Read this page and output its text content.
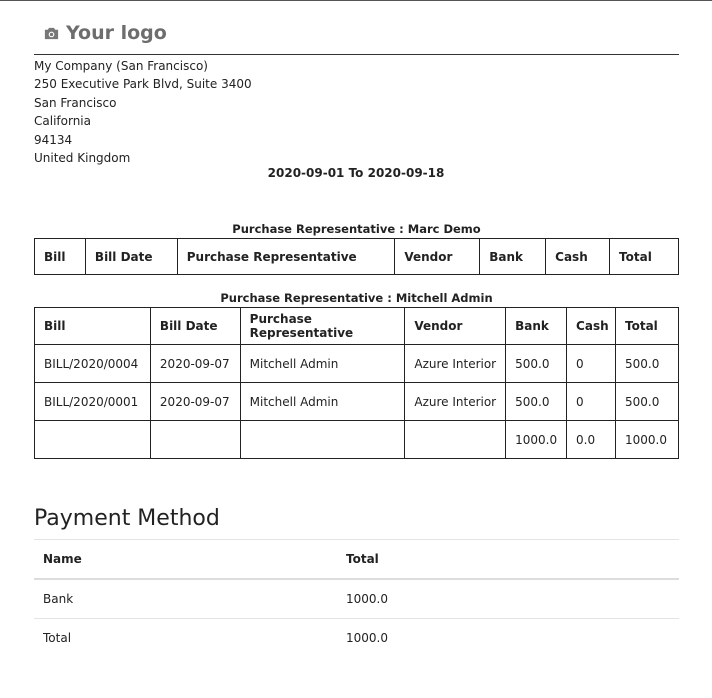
Your logo
My Company (San Francisco)
250 Executive Park Blvd, Suite 3400
San Francisco
California
94134
United Kingdom
2020-09-01 To 2020-09-18
Purchase Representative : Marc Demo
Bill	Bill Date	Purchase Representative	Vendor	Bank	Cash	Total
Purchase Representative : Mitchell Admin
Bill	Bill Date	Purchase Representative	Vendor	Bank	Cash	Total
BILL/2020/0004	2020-09-07	Mitchell Admin	Azure Interior	500.0	0	500.0
BILL/2020/0001	2020-09-07	Mitchell Admin	Azure Interior	500.0	0	500.0
				1000.0	0.0	1000.0
Payment Method
Name	Total
Bank	1000.0
Total	1000.0
